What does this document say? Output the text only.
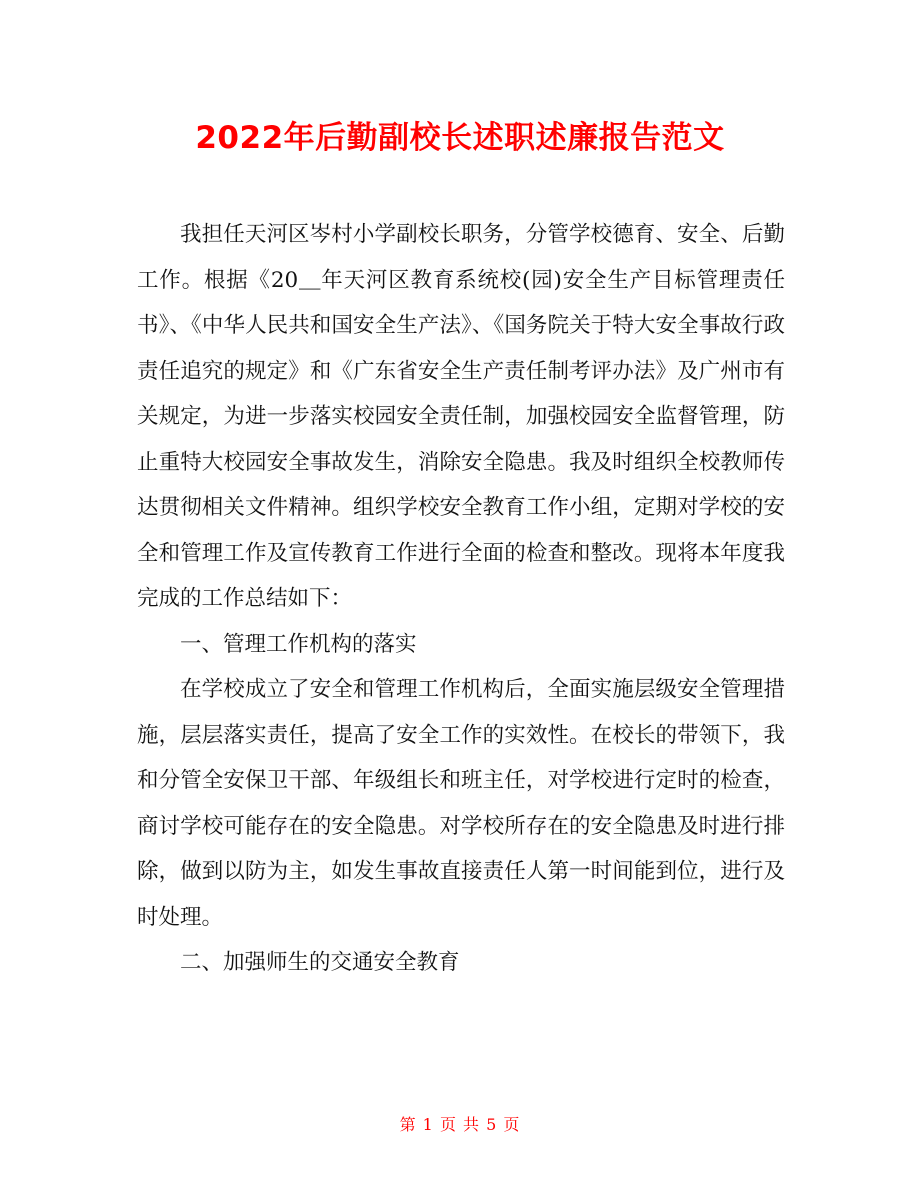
2022年后勤副校长述职述廉报告范文

我担任天河区岑村小学副校长职务，分管学校德育、安全、后勤工作。根据《20＿年天河区教育系统校(园)安全生产目标管理责任书》、《中华人民共和国安全生产法》、《国务院关于特大安全事故行政责任追究的规定》和《广东省安全生产责任制考评办法》及广州市有关规定，为进一步落实校园安全责任制，加强校园安全监督管理，防止重特大校园安全事故发生，消除安全隐患。我及时组织全校教师传达贯彻相关文件精神。组织学校安全教育工作小组，定期对学校的安全和管理工作及宣传教育工作进行全面的检查和整改。现将本年度我完成的工作总结如下：

一、管理工作机构的落实

在学校成立了安全和管理工作机构后，全面实施层级安全管理措施，层层落实责任，提高了安全工作的实效性。在校长的带领下，我和分管全安保卫干部、年级组长和班主任，对学校进行定时的检查，商讨学校可能存在的安全隐患。对学校所存在的安全隐患及时进行排除，做到以防为主，如发生事故直接责任人第一时间能到位，进行及时处理。

二、加强师生的交通安全教育

第 1 页 共 5 页
